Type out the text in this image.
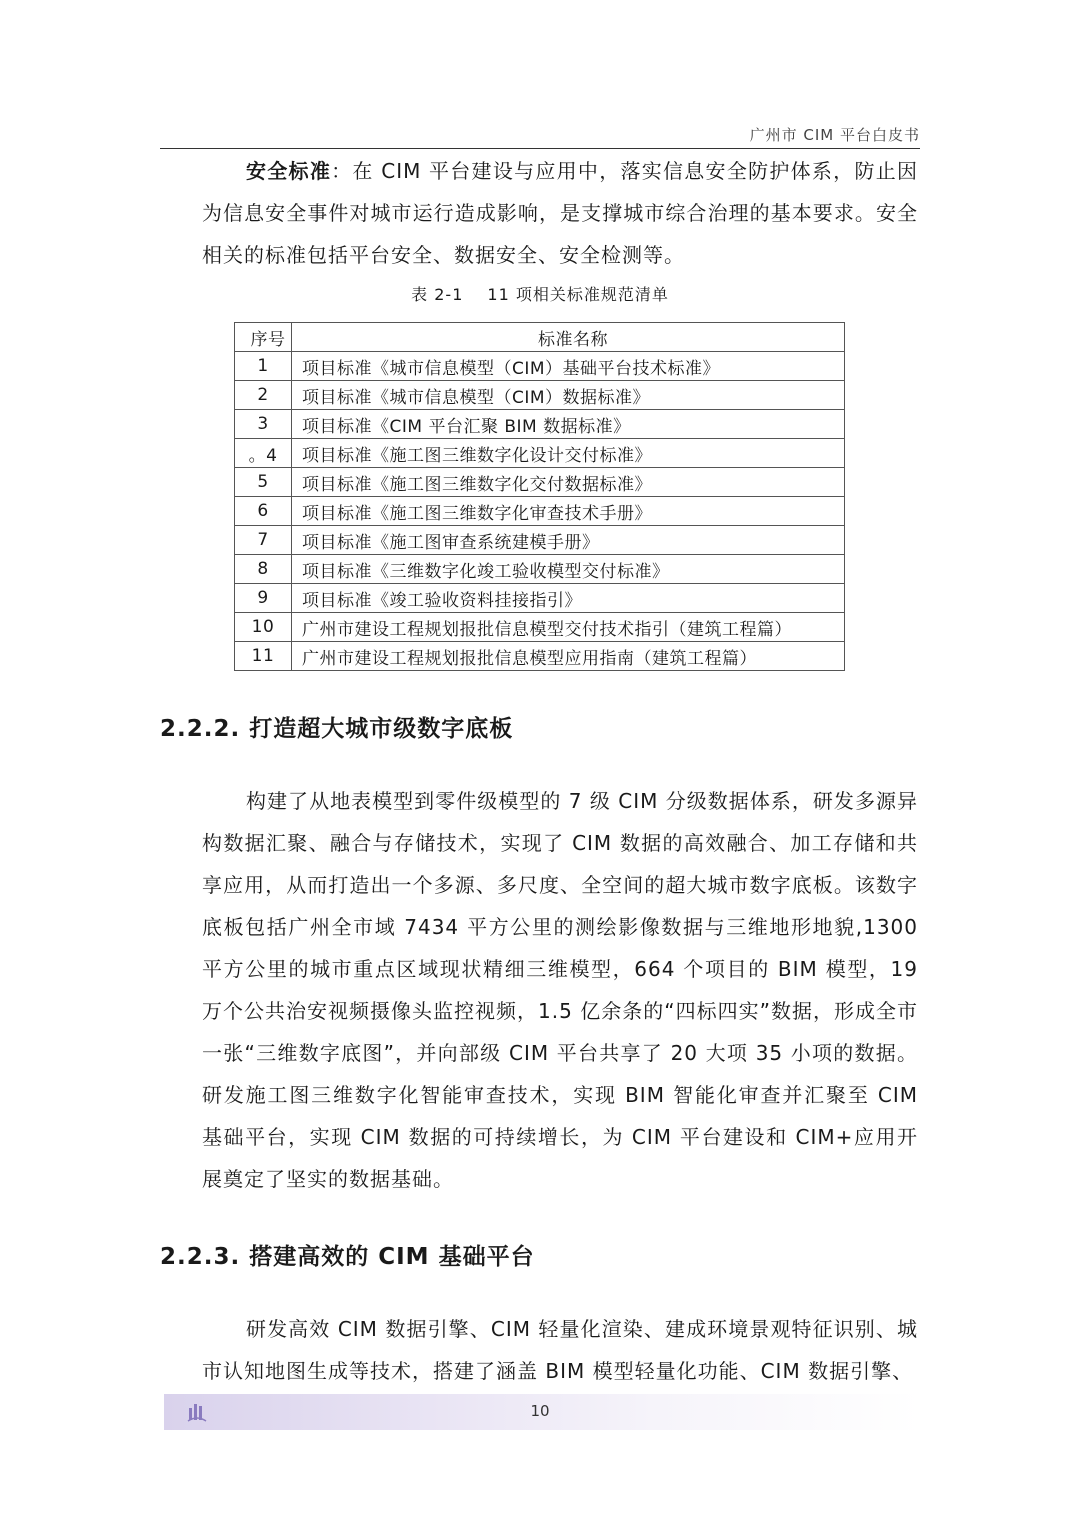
广州市 CIM 平台白皮书

安全标准：在 CIM 平台建设与应用中，落实信息安全防护体系，防止因为信息安全事件对城市运行造成影响，是支撑城市综合治理的基本要求。安全相关的标准包括平台安全、数据安全、安全检测等。

表 2-1 11 项相关标准规范清单
序号	标准名称
1	项目标准《城市信息模型（CIM）基础平台技术标准》
2	项目标准《城市信息模型（CIM）数据标准》
3	项目标准《CIM 平台汇聚 BIM 数据标准》
。4	项目标准《施工图三维数字化设计交付标准》
5	项目标准《施工图三维数字化交付数据标准》
6	项目标准《施工图三维数字化审查技术手册》
7	项目标准《施工图审查系统建模手册》
8	项目标准《三维数字化竣工验收模型交付标准》
9	项目标准《竣工验收资料挂接指引》
10	广州市建设工程规划报批信息模型交付技术指引（建筑工程篇）
11	广州市建设工程规划报批信息模型应用指南（建筑工程篇）
2.2.2. 打造超大城市级数字底板

构建了从地表模型到零件级模型的 7 级 CIM 分级数据体系，研发多源异构数据汇聚、融合与存储技术，实现了 CIM 数据的高效融合、加工存储和共享应用，从而打造出一个多源、多尺度、全空间的超大城市数字底板。该数字底板包括广州全市域 7434 平方公里的测绘影像数据与三维地形地貌,1300 平方公里的城市重点区域现状精细三维模型，664 个项目的 BIM 模型，19 万个公共治安视频摄像头监控视频，1.5 亿余条的“四标四实”数据，形成全市一张“三维数字底图”，并向部级 CIM 平台共享了 20 大项 35 小项的数据。研发施工图三维数字化智能审查技术，实现 BIM 智能化审查并汇聚至 CIM 基础平台，实现 CIM 数据的可持续增长，为 CIM 平台建设和 CIM+应用开展奠定了坚实的数据基础。

2.2.3. 搭建高效的 CIM 基础平台

研发高效 CIM 数据引擎、CIM 轻量化渲染、建成环境景观特征识别、城市认知地图生成等技术，搭建了涵盖 BIM 模型轻量化功能、CIM 数据引擎、

10
